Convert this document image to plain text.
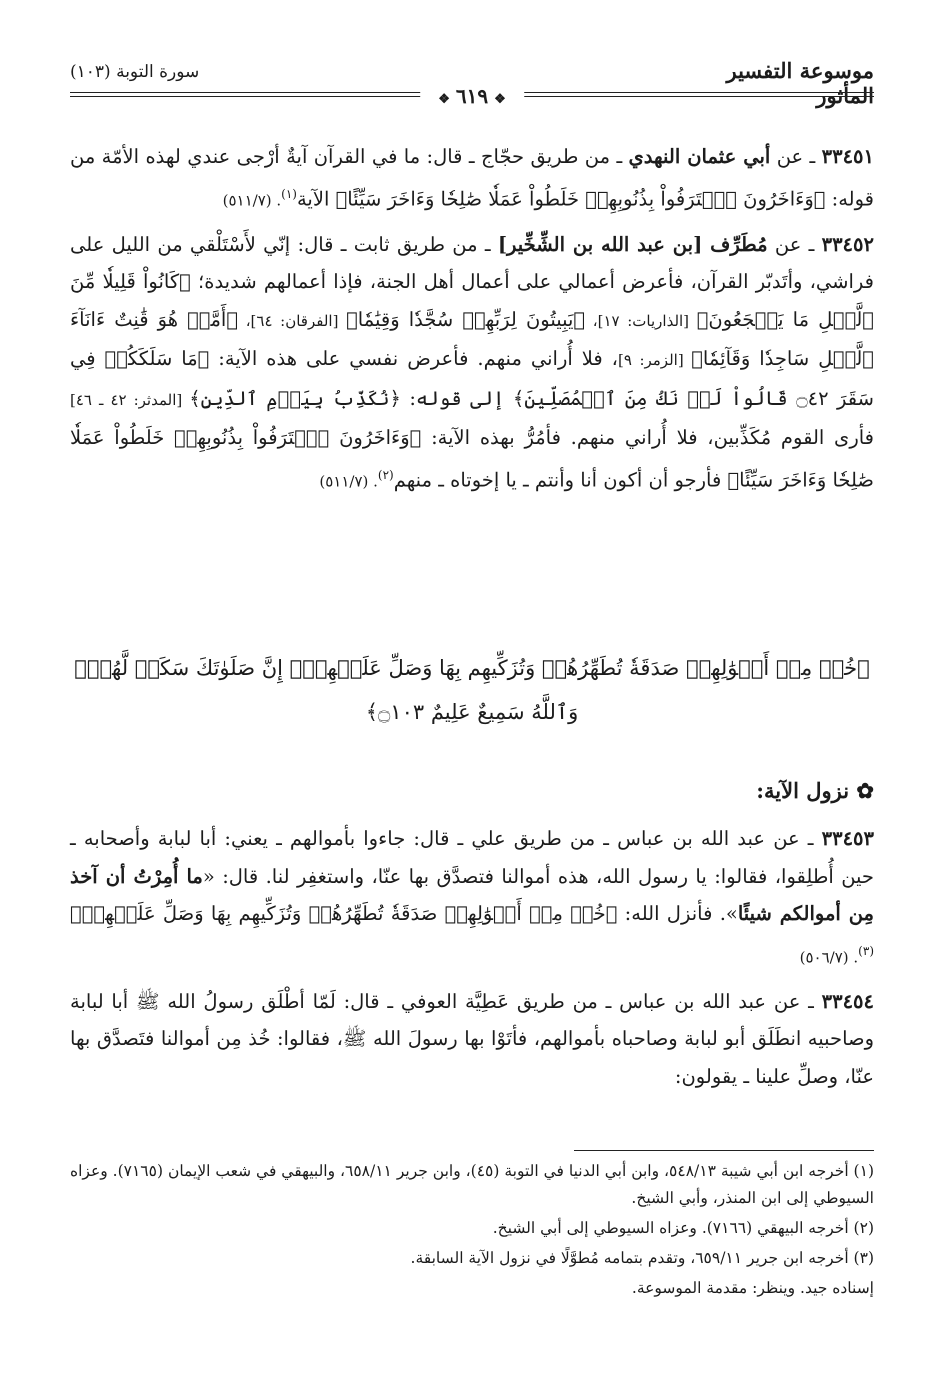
موسوعة التفسير المأثور
سورة التوبة (١٠٣)
❖٦١٩❖

٣٣٤٥١ ـ عن أبي عثمان النهدي ـ من طريق حجّاج ـ قال: ما في القرآن آيةٌ أرْجى عندي لهذه الأمّة من قوله: ﴿وَءَاخَرُونَ ٱعۡتَرَفُواْ بِذُنُوبِهِمۡ خَلَطُواْ عَمَلٗا صَٰلِحٗا وَءَاخَرَ سَيِّئًا﴾ الآية$^{(١)}$. (٥١١/٧)

٣٣٤٥٢ ـ عن مُطَرِّف [بن عبد الله بن الشِّخِّير] ـ من طريق ثابت ـ قال: إنّي لأَسْتَلْقي من الليل على فراشي، وأتَدبّر القرآن، فأعرض أعمالي على أعمال أهل الجنة، فإذا أعمالهم شديدة؛ ﴿كَانُواْ قَلِيلٗا مِّنَ ٱلَّيۡلِ مَا يَهۡجَعُونَ﴾ [الذاريات: ١٧]، ﴿يَبِيتُونَ لِرَبِّهِمۡ سُجَّدٗا وَقِيَٰمٗا﴾ [الفرقان: ٦٤]، ﴿أَمَّنۡ هُوَ قَٰنِتٌ ءَانَآءَ ٱلَّيۡلِ سَاجِدٗا وَقَآئِمٗا﴾ [الزمر: ٩]، فلا أُراني منهم. فأعرض نفسي على هذه الآية: ﴿مَا سَلَكَكُمۡ فِي سَقَرَ ۝٤٢ قَالُواْ لَمۡ نَكُ مِنَ ٱلۡمُصَلِّينَ﴾ إلى قوله: ﴿نُكَذِّبُ بِيَوۡمِ ٱلدِّينِ﴾ [المدثر: ٤٢ ـ ٤٦] فأرى القوم مُكَذِّبين، فلا أُراني منهم. فأمُرُّ بهذه الآية: ﴿وَءَاخَرُونَ ٱعۡتَرَفُواْ بِذُنُوبِهِمۡ خَلَطُواْ عَمَلٗا صَٰلِحٗا وَءَاخَرَ سَيِّئًا﴾ فأرجو أن أكون أنا وأنتم ـ يا إخوتاه ـ منهم$^{(٢)}$. (٥١١/٧)

﴿خُذۡ مِنۡ أَمۡوَٰلِهِمۡ صَدَقَةٗ تُطَهِّرُهُمۡ وَتُزَكِّيهِم بِهَا وَصَلِّ عَلَيۡهِمۡۖ إِنَّ صَلَوٰتَكَ سَكَنٞ لَّهُمۡۗ
وَٱللَّهُ سَمِيعٌ عَلِيمٌ ۝١٠٣﴾
✿ نزول الآية:

٣٣٤٥٣ ـ عن عبد الله بن عباس ـ من طريق علي ـ قال: جاءوا بأموالهم ـ يعني: أبا لبابة وأصحابه ـ حين أُطلِقوا، فقالوا: يا رسول الله، هذه أموالنا فتصدَّق بها عنّا، واستغفِر لنا. قال: «ما أُمِرْتُ أن آخذ مِن أموالكم شيئًا». فأنزل الله: ﴿خُذۡ مِنۡ أَمۡوَٰلِهِمۡ صَدَقَةٗ تُطَهِّرُهُمۡ وَتُزَكِّيهِم بِهَا وَصَلِّ عَلَيۡهِمۡ﴾$^{(٣)}$. (٥٠٦/٧)

٣٣٤٥٤ ـ عن عبد الله بن عباس ـ من طريق عَطِيَّة العوفي ـ قال: لَمّا أطْلَق رسولُ الله ﷺ أبا لبابة وصاحبيه انطَلَق أبو لبابة وصاحباه بأموالهم، فأتَوْا بها رسولَ الله ﷺ، فقالوا: خُذ مِن أموالنا فتَصدَّق بها عنّا، وصلِّ علينا ـ يقولون:

(١) أخرجه ابن أبي شيبة ٥٤٨/١٣، وابن أبي الدنيا في التوبة (٤٥)، وابن جرير ٦٥٨/١١، والبيهقي في شعب الإيمان (٧١٦٥). وعزاه السيوطي إلى ابن المنذر، وأبي الشيخ.

(٢) أخرجه البيهقي (٧١٦٦). وعزاه السيوطي إلى أبي الشيخ.

(٣) أخرجه ابن جرير ٦٥٩/١١، وتقدم بتمامه مُطوَّلًا في نزول الآية السابقة.

إسناده جيد. وينظر: مقدمة الموسوعة.
